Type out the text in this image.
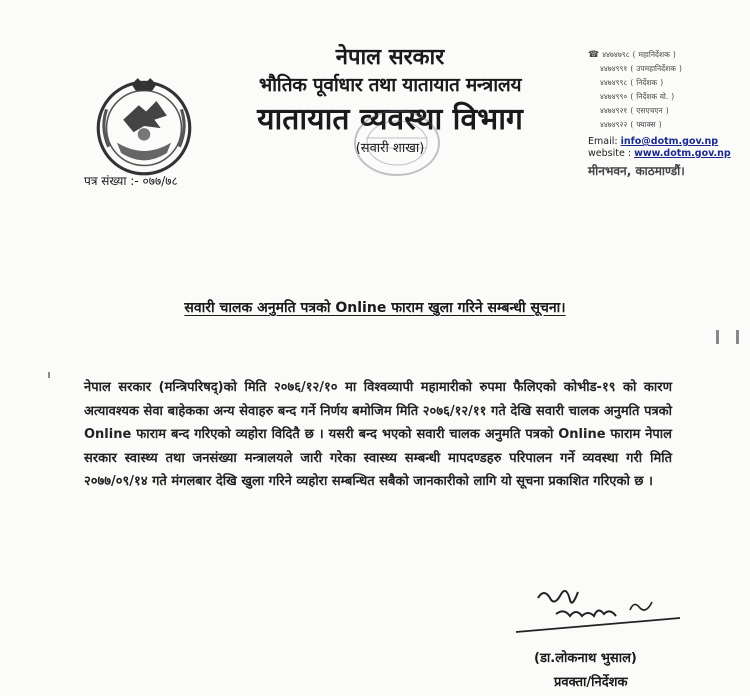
नेपाल सरकार
भौतिक पूर्वाधार तथा यातायात मन्त्रालय
यातायात व्यवस्था विभाग
(सवारी शाखा)
☎ ४४७४७९८ ( महानिर्देशक )
४४७४९९१ ( उपमहानिर्देशक )
४४७४९९८ ( निर्देशक )
४४७४९९० ( निर्देशक यो. )
४४७४९२१ ( एसएचएन )
४४७४९२२ ( फ्याक्स )
Email: info@dotm.gov.np
website : www.dotm.gov.np
मीनभवन, काठमाण्डौं।
पत्र संख्या :- ०७७/७८
सवारी चालक अनुमति पत्रको Online फाराम खुला गरिने सम्बन्धी सूचना।
नेपाल सरकार (मन्त्रिपरिषद्)को मिति २०७६/१२/१० मा विश्वव्यापी महामारीको रुपमा फैलिएको कोभीड-१९ को कारण अत्यावश्यक सेवा बाहेकका अन्य सेवाहरु बन्द गर्ने निर्णय बमोजिम मिति २०७६/१२/११ गते देखि सवारी चालक अनुमति पत्रको Online फाराम बन्द गरिएको व्यहोरा विदितै छ । यसरी बन्द भएको सवारी चालक अनुमति पत्रको Online फाराम नेपाल सरकार स्वास्थ्य तथा जनसंख्या मन्त्रालयले जारी गरेका स्वास्थ्य सम्बन्धी मापदण्डहरु परिपालन गर्ने व्यवस्था गरी मिति २०७७/०९/१४ गते मंगलबार देखि खुला गरिने व्यहोरा सम्बन्धित सबैको जानकारीको लागि यो सूचना प्रकाशित गरिएको छ ।
(डा.लोकनाथ भुसाल)
प्रवक्ता/निर्देशक
